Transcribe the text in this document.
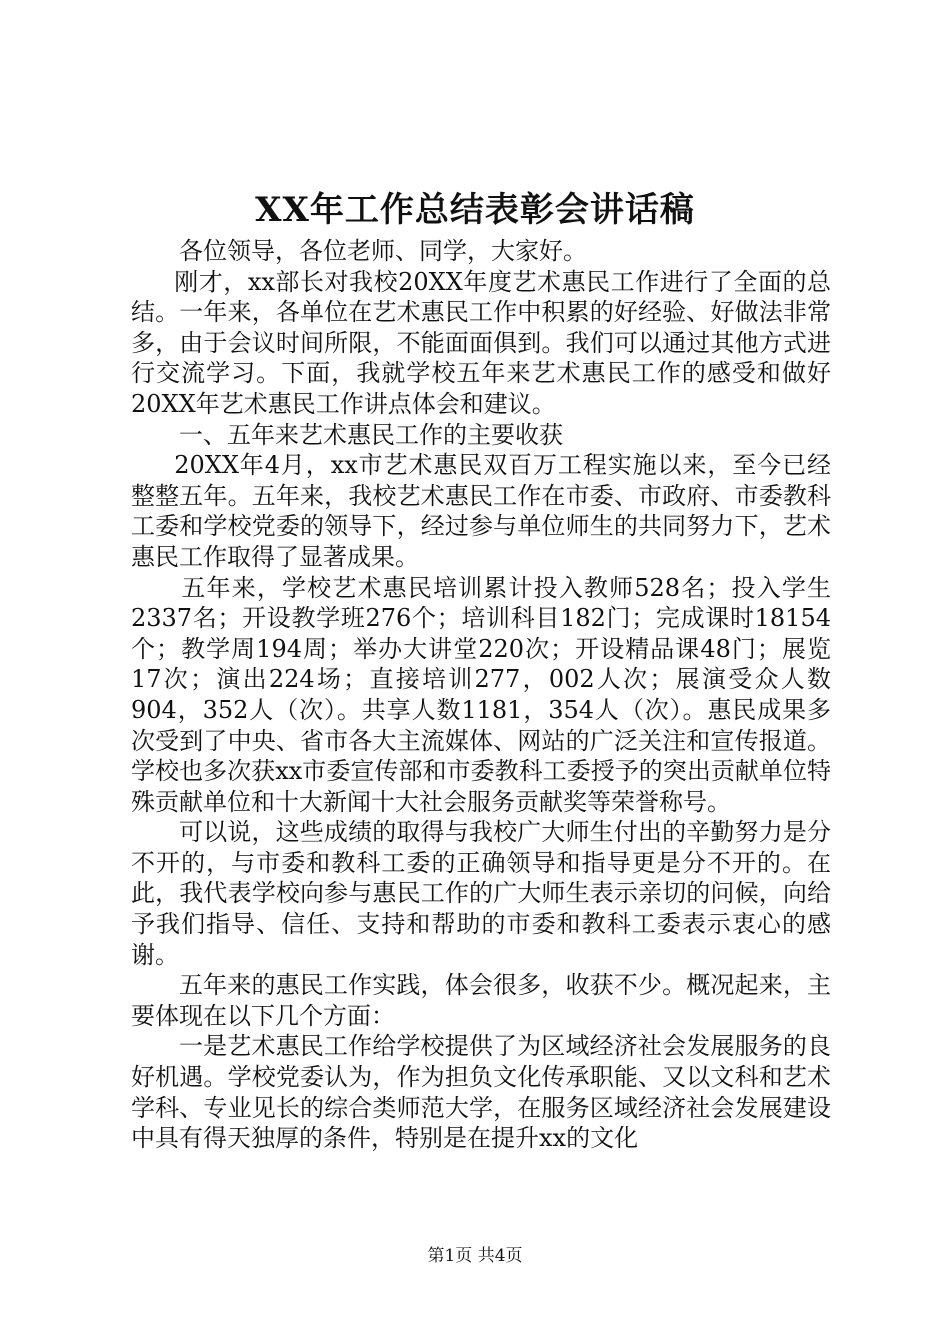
XX年工作总结表彰会讲话稿

各位领导，各位老师、同学，大家好。

刚才，xx部长对我校20XX年度艺术惠民工作进行了全面的总结。一年来，各单位在艺术惠民工作中积累的好经验、好做法非常多，由于会议时间所限，不能面面俱到。我们可以通过其他方式进行交流学习。下面，我就学校五年来艺术惠民工作的感受和做好20XX年艺术惠民工作讲点体会和建议。

一、五年来艺术惠民工作的主要收获

20XX年4月，xx市艺术惠民双百万工程实施以来，至今已经整整五年。五年来，我校艺术惠民工作在市委、市政府、市委教科工委和学校党委的领导下，经过参与单位师生的共同努力下，艺术惠民工作取得了显著成果。

五年来，学校艺术惠民培训累计投入教师528名；投入学生2337名；开设教学班276个；培训科目182门；完成课时18154个；教学周194周；举办大讲堂220次；开设精品课48门；展览17次；演出224场；直接培训277，002人次；展演受众人数904，352人（次）。共享人数1181，354人（次）。惠民成果多次受到了中央、省市各大主流媒体、网站的广泛关注和宣传报道。学校也多次获xx市委宣传部和市委教科工委授予的突出贡献单位特殊贡献单位和十大新闻十大社会服务贡献奖等荣誉称号。

可以说，这些成绩的取得与我校广大师生付出的辛勤努力是分不开的，与市委和教科工委的正确领导和指导更是分不开的。在此，我代表学校向参与惠民工作的广大师生表示亲切的问候，向给予我们指导、信任、支持和帮助的市委和教科工委表示衷心的感谢。

五年来的惠民工作实践，体会很多，收获不少。概况起来，主要体现在以下几个方面：

一是艺术惠民工作给学校提供了为区域经济社会发展服务的良好机遇。学校党委认为，作为担负文化传承职能、又以文科和艺术学科、专业见长的综合类师范大学，在服务区域经济社会发展建设中具有得天独厚的条件，特别是在提升xx的文化

第1页 共4页
